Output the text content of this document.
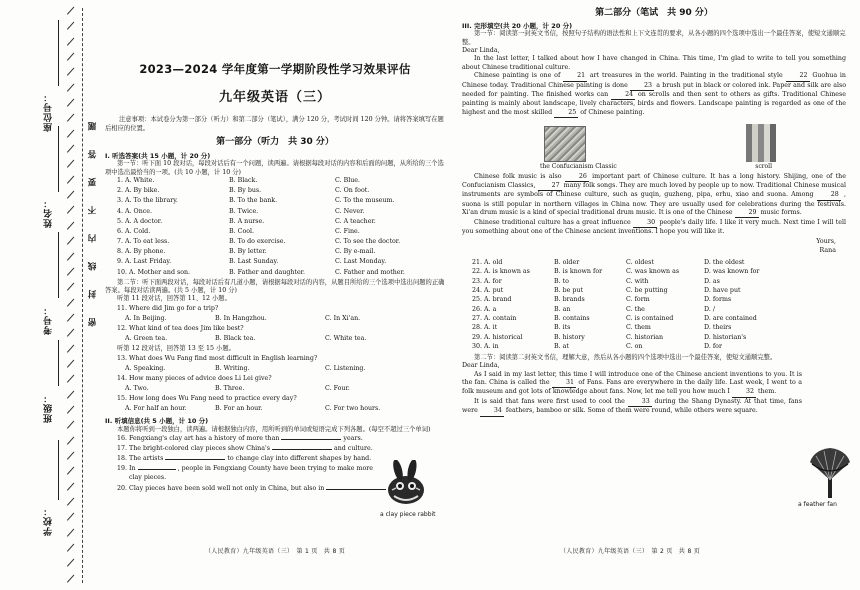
座位号：
姓名：
考号：
班级：
学校：
密
封
线
内
不
要
答
题
2023—2024 学年度第一学期阶段性学习效果评估
九年级英语（三）
注意事项：本试卷分为第一部分（听力）和第二部分（笔试），满分 120 分，考试时间 120 分钟。请将答案填写在题后相应的位置。
第一部分（听力　共 30 分）
I. 听选答案(共 15 小题，计 20 分)
第一节：听下面 10 段对话，每段对话后有一个问题，读两遍。请根据每段对话的内容和后面的问题，从所给的三个选项中选出最恰当的一项。(共 10 小题，计 10 分)
1. A. White.	B. Black.	C. Blue.
2. A. By bike.	B. By bus.	C. On foot.
3. A. To the library.	B. To the bank.	C. To the museum.
4. A. Once.	B. Twice.	C. Never.
5. A. A doctor.	B. A nurse.	C. A teacher.
6. A. Cold.	B. Cool.	C. Fine.
7. A. To eat less.	B. To do exercise.	C. To see the doctor.
8. A. By phone.	B. By letter.	C. By e-mail.
9. A. Last Friday.	B. Last Sunday.	C. Last Monday.
10. A. Mother and son.	B. Father and daughter.	C. Father and mother.
第二节：听下面两段对话，每段对话后有几道小题，请根据每段对话的内容，从题目所给的三个选项中选出问题的正确答案。每段对话读两遍。(共 5 小题，计 10 分)
听第 11 段对话，回答第 11、12 小题。
11. Where did Jim go for a trip?
A. In Beijing.	B. In Hangzhou.	C. In Xi'an.
12. What kind of tea does Jim like best?
A. Green tea.	B. Black tea.	C. White tea.
听第 12 段对话，回答第 13 至 15 小题。
13. What does Wu Fang find most difficult in English learning?
A. Speaking.	B. Writing.	C. Listening.
14. How many pieces of advice does Li Lei give?
A. Two.	B. Three.	C. Four.
15. How long does Wu Fang need to practice every day?
A. For half an hour.	B. For an hour.	C. For two hours.
II. 听填信息(共 5 小题，计 10 分)
本题你将听到一段独白，读两遍。请根据独白内容，用所听到的单词或短语完成下列各题。(每空不超过三个单词)
16. Fengxiang's clay art has a history of more than	years.
17. The bright-colored clay pieces show China's	and culture.
18. The artists	to change clay into different shapes by hand.
19. In	, people in Fengxiang County have been trying to make more
clay pieces.
20. Clay pieces have been sold well not only in China, but also in
a clay piece rabbit
第二部分（笔试　共 90 分）
III. 完形填空(共 20 小题，计 20 分)
第一节：阅读第一封英文书信，按照句子结构的语法性和上下文连贯的要求，从各小题的四个选项中选出一个最佳答案，使短文通顺完整。
Dear Linda,

In the last letter, I talked about how I have changed in China. This time, I'm glad to write to tell you something about Chinese traditional culture.

Chinese painting is one of	21 art treasures in the world. Painting in the traditional style	22 Guohua in Chinese today. Traditional Chinese painting is done	23 a brush put in black or colored ink. Paper and silk are also needed for painting. The finished works can	24 on scrolls and then sent to others as gifts. Traditional Chinese painting is mainly about landscape, lively characters, birds and flowers. Landscape painting is regarded as one of the highest and the most skilled	25 of Chinese painting.

the Confucianism Classic	scroll

Chinese folk music is also	26 important part of Chinese culture. It has a long history. Shijing, one of the Confucianism Classics,	27 many folk songs. They are much loved by people up to now. Traditional Chinese musical instruments are symbols of Chinese culture, such as guqin, guzheng, pipa, erhu, xiao and suona. Among	28 , suona is still popular in northern villages in China now. They are usually used for celebrations during the festivals. Xi'an drum music is a kind of special traditional drum music. It is one of the Chinese	29 music forms.

Chinese traditional culture has a great influence	30 people's daily life. I like it very much. Next time I will tell you something about one of the Chinese ancient inventions. I hope you will like it.

Yours,
Rana
21. A. old	B. older	C. oldest	D. the oldest
22. A. is known as	B. is known for	C. was known as	D. was known for
23. A. for	B. to	C. with	D. as
24. A. put	B. be put	C. be putting	D. have put
25. A. brand	B. brands	C. form	D. forms
26. A. a	B. an	C. the	D. /
27. A. contain	B. contains	C. is contained	D. are contained
28. A. it	B. its	C. them	D. theirs
29. A. historical	B. history	C. historian	D. historian's
30. A. in	B. at	C. on	D. for
第二节：阅读第二封英文书信，理解大意，然后从各小题的四个选项中选出一个最佳答案，使短文通顺完整。
Dear Linda,

As I said in my last letter, this time I will introduce one of the Chinese ancient inventions to you. It is the fan. China is called the	31 of Fans. Fans are everywhere in the daily life. Last week, I went to a folk museum and got lots of knowledge about fans. Now, let me tell you how much I	32 them.

It is said that fans were first used to cool the	33 during the Shang Dynasty. At that time, fans were	34 feathers, bamboo or silk. Some of them were round, while others were square.

a feather fan
（人民教育）九年级英语（三）　第 1 页　共 8 页	（人民教育）九年级英语（三）　第 2 页　共 8 页
